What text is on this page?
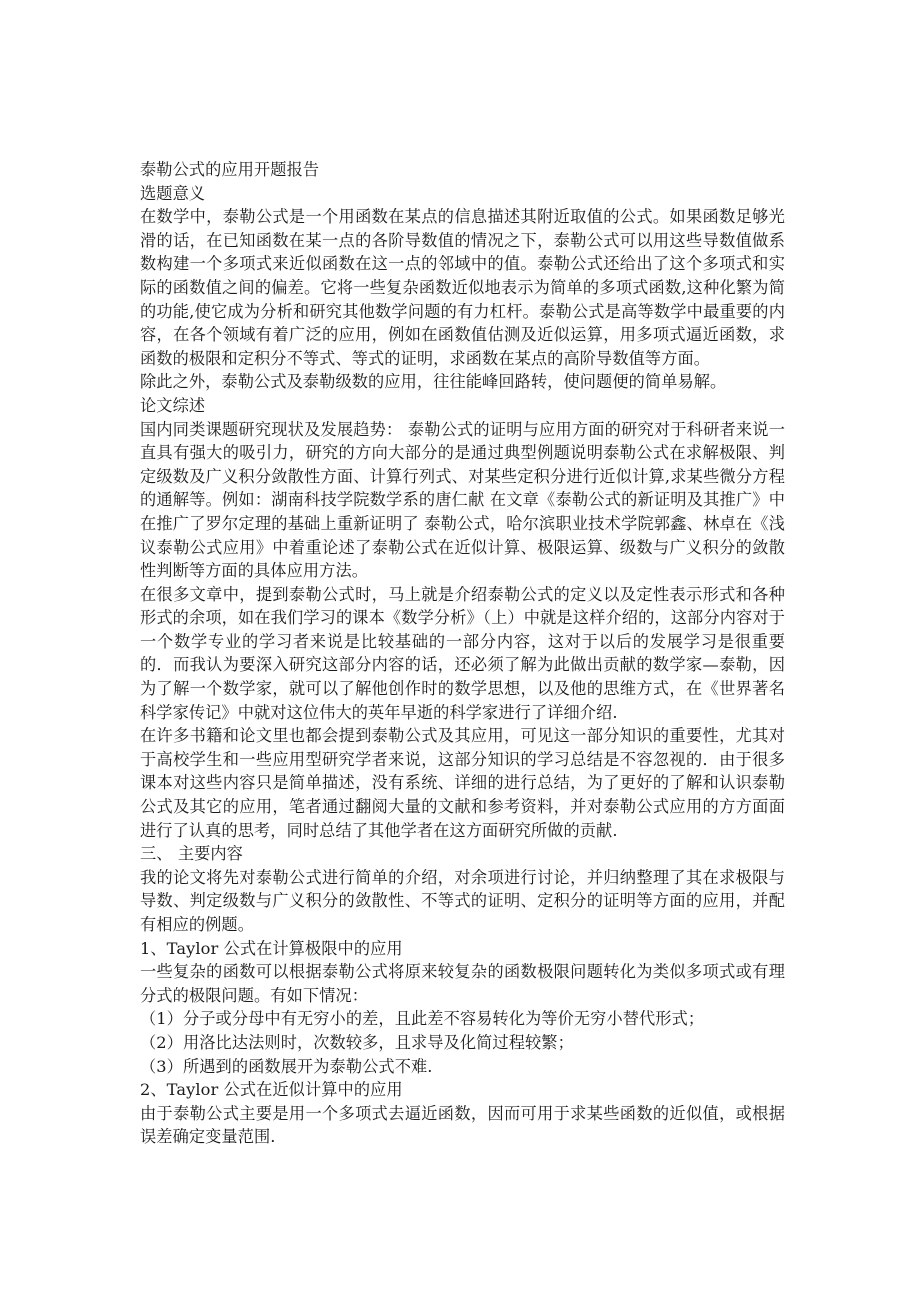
泰勒公式的应用开题报告

选题意义

在数学中，泰勒公式是一个用函数在某点的信息描述其附近取值的公式。如果函数足够光滑的话，在已知函数在某一点的各阶导数值的情况之下，泰勒公式可以用这些导数值做系数构建一个多项式来近似函数在这一点的邻域中的值。泰勒公式还给出了这个多项式和实际的函数值之间的偏差。它将一些复杂函数近似地表示为简单的多项式函数,这种化繁为简的功能,使它成为分析和研究其他数学问题的有力杠杆。泰勒公式是高等数学中最重要的内容，在各个领域有着广泛的应用，例如在函数值估测及近似运算，用多项式逼近函数，求函数的极限和定积分不等式、等式的证明，求函数在某点的高阶导数值等方面。

除此之外，泰勒公式及泰勒级数的应用，往往能峰回路转，使问题便的简单易解。

论文综述

国内同类课题研究现状及发展趋势： 泰勒公式的证明与应用方面的研究对于科研者来说一直具有强大的吸引力，研究的方向大部分的是通过典型例题说明泰勒公式在求解极限、判定级数及广义积分敛散性方面、计算行列式、对某些定积分进行近似计算,求某些微分方程的通解等。例如：湖南科技学院数学系的唐仁献 在文章《泰勒公式的新证明及其推广》中在推广了罗尔定理的基础上重新证明了 泰勒公式，哈尔滨职业技术学院郭鑫、林卓在《浅议泰勒公式应用》中着重论述了泰勒公式在近似计算、极限运算、级数与广义积分的敛散性判断等方面的具体应用方法。

在很多文章中，提到泰勒公式时，马上就是介绍泰勒公式的定义以及定性表示形式和各种形式的余项，如在我们学习的课本《数学分析》（上）中就是这样介绍的，这部分内容对于一个数学专业的学习者来说是比较基础的一部分内容，这对于以后的发展学习是很重要的．而我认为要深入研究这部分内容的话，还必须了解为此做出贡献的数学家—泰勒，因为了解一个数学家，就可以了解他创作时的数学思想，以及他的思维方式，在《世界著名科学家传记》中就对这位伟大的英年早逝的科学家进行了详细介绍.

在许多书籍和论文里也都会提到泰勒公式及其应用，可见这一部分知识的重要性，尤其对于高校学生和一些应用型研究学者来说，这部分知识的学习总结是不容忽视的．由于很多课本对这些内容只是简单描述，没有系统、详细的进行总结，为了更好的了解和认识泰勒公式及其它的应用，笔者通过翻阅大量的文献和参考资料，并对泰勒公式应用的方方面面进行了认真的思考，同时总结了其他学者在这方面研究所做的贡献.

三、 主要内容

我的论文将先对泰勒公式进行简单的介绍，对余项进行讨论，并归纳整理了其在求极限与导数、判定级数与广义积分的敛散性、不等式的证明、定积分的证明等方面的应用，并配有相应的例题。

1、Taylor 公式在计算极限中的应用

一些复杂的函数可以根据泰勒公式将原来较复杂的函数极限问题转化为类似多项式或有理分式的极限问题。有如下情况：

（1）分子或分母中有无穷小的差，且此差不容易转化为等价无穷小替代形式；

（2）用洛比达法则时，次数较多，且求导及化简过程较繁；

（3）所遇到的函数展开为泰勒公式不难.

2、Taylor 公式在近似计算中的应用

由于泰勒公式主要是用一个多项式去逼近函数，因而可用于求某些函数的近似值，或根据误差确定变量范围.
